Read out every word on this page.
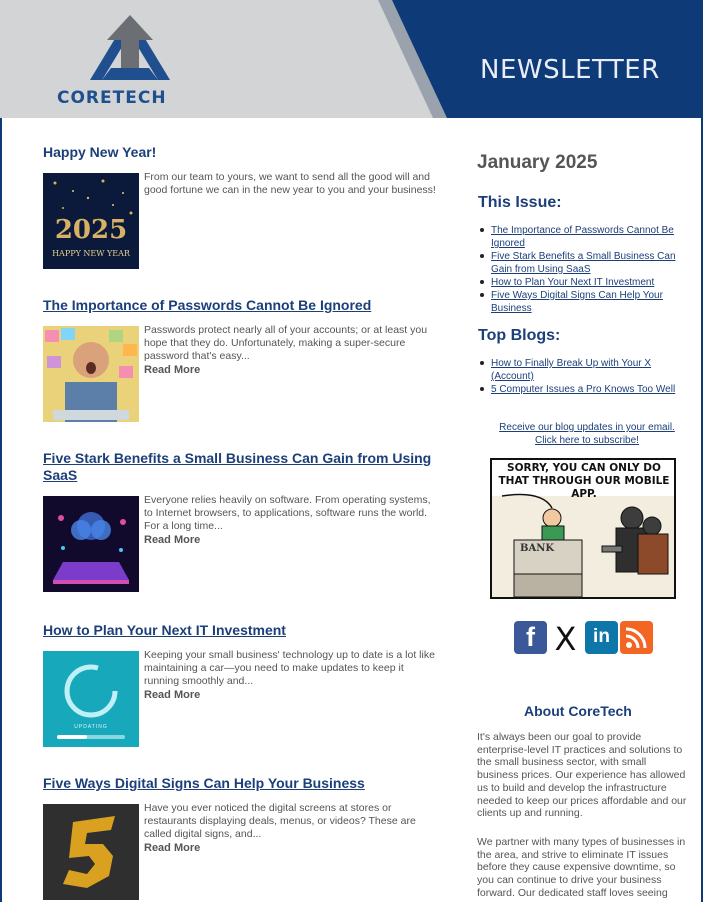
CORETECH
NEWSLETTER
Happy New Year!
2025
HAPPY NEW YEAR
From our team to yours, we want to send all the good will and good fortune we can in the new year to you and your business!
The Importance of Passwords Cannot Be Ignored
Passwords protect nearly all of your accounts; or at least you hope that they do. Unfortunately, making a super-secure password that's easy...
Read More
Five Stark Benefits a Small Business Can Gain from Using SaaS
Everyone relies heavily on software. From operating systems, to Internet browsers, to applications, software runs the world. For a long time...
Read More
How to Plan Your Next IT Investment
UPDATING
Keeping your small business' technology up to date is a lot like maintaining a car—you need to make updates to keep it running smoothly and...
Read More
Five Ways Digital Signs Can Help Your Business
Have you ever noticed the digital screens at stores or restaurants displaying deals, menus, or videos? These are called digital signs, and...
Read More
January 2025
This Issue:
The Importance of Passwords Cannot Be Ignored
Five Stark Benefits a Small Business Can Gain from Using SaaS
How to Plan Your Next IT Investment
Five Ways Digital Signs Can Help Your Business
Top Blogs:
How to Finally Break Up with Your X (Account)
5 Computer Issues a Pro Knows Too Well
Receive our blog updates in your email.
Click here to subscribe!
SORRY, YOU CAN ONLY DO THAT THROUGH OUR MOBILE APP.
BANK
f X in
About CoreTech
It's always been our goal to provide enterprise-level IT practices and solutions to the small business sector, with small business prices. Our experience has allowed us to build and develop the infrastructure needed to keep our prices affordable and our clients up and running.
We partner with many types of businesses in the area, and strive to eliminate IT issues before they cause expensive downtime, so you can continue to drive your business forward. Our dedicated staff loves seeing
